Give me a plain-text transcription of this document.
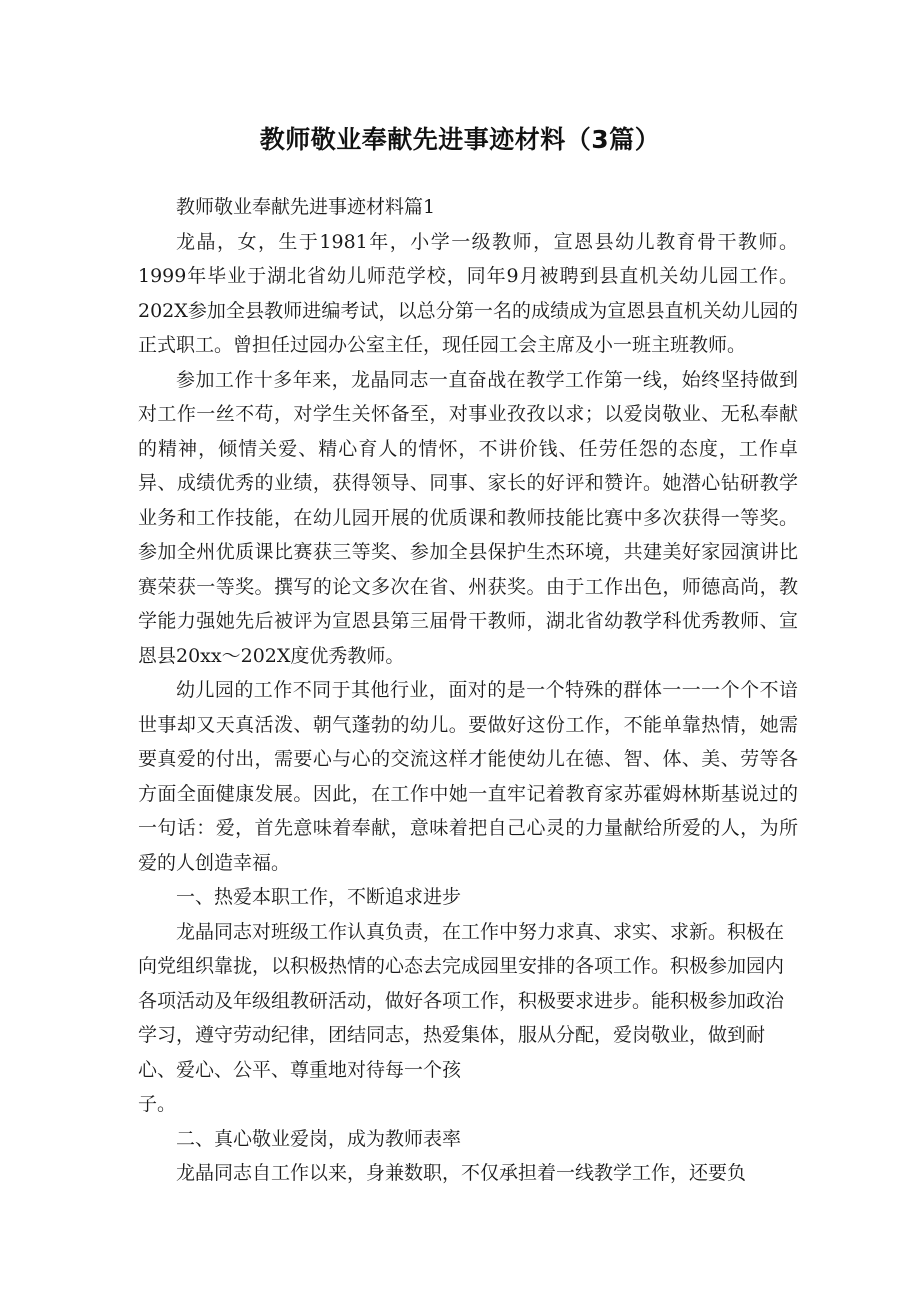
教师敬业奉献先进事迹材料（3篇）

教师敬业奉献先进事迹材料篇1

龙晶，女，生于1981年，小学一级教师，宣恩县幼儿教育骨干教师。1999年毕业于湖北省幼儿师范学校，同年9月被聘到县直机关幼儿园工作。202X参加全县教师进编考试，以总分第一名的成绩成为宣恩县直机关幼儿园的正式职工。曾担任过园办公室主任，现任园工会主席及小一班主班教师。

参加工作十多年来，龙晶同志一直奋战在教学工作第一线，始终坚持做到对工作一丝不苟，对学生关怀备至，对事业孜孜以求；以爱岗敬业、无私奉献的精神，倾情关爱、精心育人的情怀，不讲价钱、任劳任怨的态度，工作卓异、成绩优秀的业绩，获得领导、同事、家长的好评和赞许。她潜心钻研教学业务和工作技能，在幼儿园开展的优质课和教师技能比赛中多次获得一等奖。参加全州优质课比赛获三等奖、参加全县保护生杰环境，共建美好家园演讲比赛荣获一等奖。撰写的论文多次在省、州获奖。由于工作出色，师德高尚，教学能力强她先后被评为宣恩县第三届骨干教师，湖北省幼教学科优秀教师、宣恩县20xx～202X度优秀教师。

幼儿园的工作不同于其他行业，面对的是一个特殊的群体一一一个个不谙世事却又天真活泼、朝气蓬勃的幼儿。要做好这份工作，不能单靠热情，她需要真爱的付出，需要心与心的交流这样才能使幼儿在德、智、体、美、劳等各方面全面健康发展。因此，在工作中她一直牢记着教育家苏霍姆林斯基说过的一句话：爱，首先意味着奉献，意味着把自己心灵的力量献给所爱的人，为所爱的人创造幸福。

一、热爱本职工作，不断追求进步

龙晶同志对班级工作认真负责，在工作中努力求真、求实、求新。积极在向党组织靠拢，以积极热情的心态去完成园里安排的各项工作。积极参加园内各项活动及年级组教研活动，做好各项工作，积极要求进步。能积极参加政治学习，遵守劳动纪律，团结同志，热爱集体，服从分配，爱岗敬业，做到耐心、爱心、公平、尊重地对待每一个孩

子。

二、真心敬业爱岗，成为教师表率

龙晶同志自工作以来，身兼数职，不仅承担着一线教学工作，还要负
